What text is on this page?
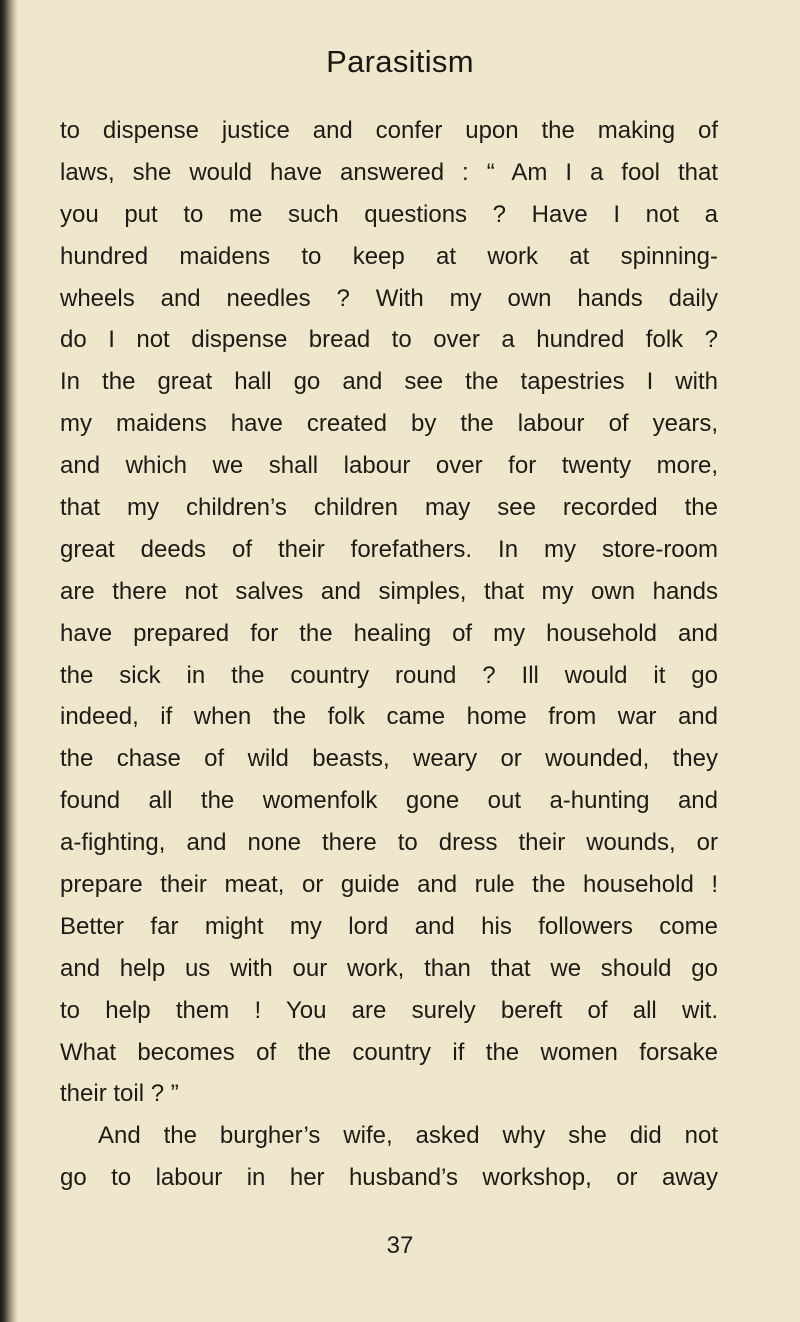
Parasitism
to dispense justice and confer upon the making of
laws, she would have answered : “ Am I a fool that
you put to me such questions ? Have I not a
hundred maidens to keep at work at spinning-
wheels and needles ? With my own hands daily
do I not dispense bread to over a hundred folk ?
In the great hall go and see the tapestries I with
my maidens have created by the labour of years,
and which we shall labour over for twenty more,
that my children’s children may see recorded the
great deeds of their forefathers. In my store-room
are there not salves and simples, that my own hands
have prepared for the healing of my household and
the sick in the country round ? Ill would it go
indeed, if when the folk came home from war and
the chase of wild beasts, weary or wounded, they
found all the womenfolk gone out a-hunting and
a-fighting, and none there to dress their wounds, or
prepare their meat, or guide and rule the household !
Better far might my lord and his followers come
and help us with our work, than that we should go
to help them ! You are surely bereft of all wit.
What becomes of the country if the women forsake
their toil ? ”
And the burgher’s wife, asked why she did not
go to labour in her husband’s workshop, or away
37
